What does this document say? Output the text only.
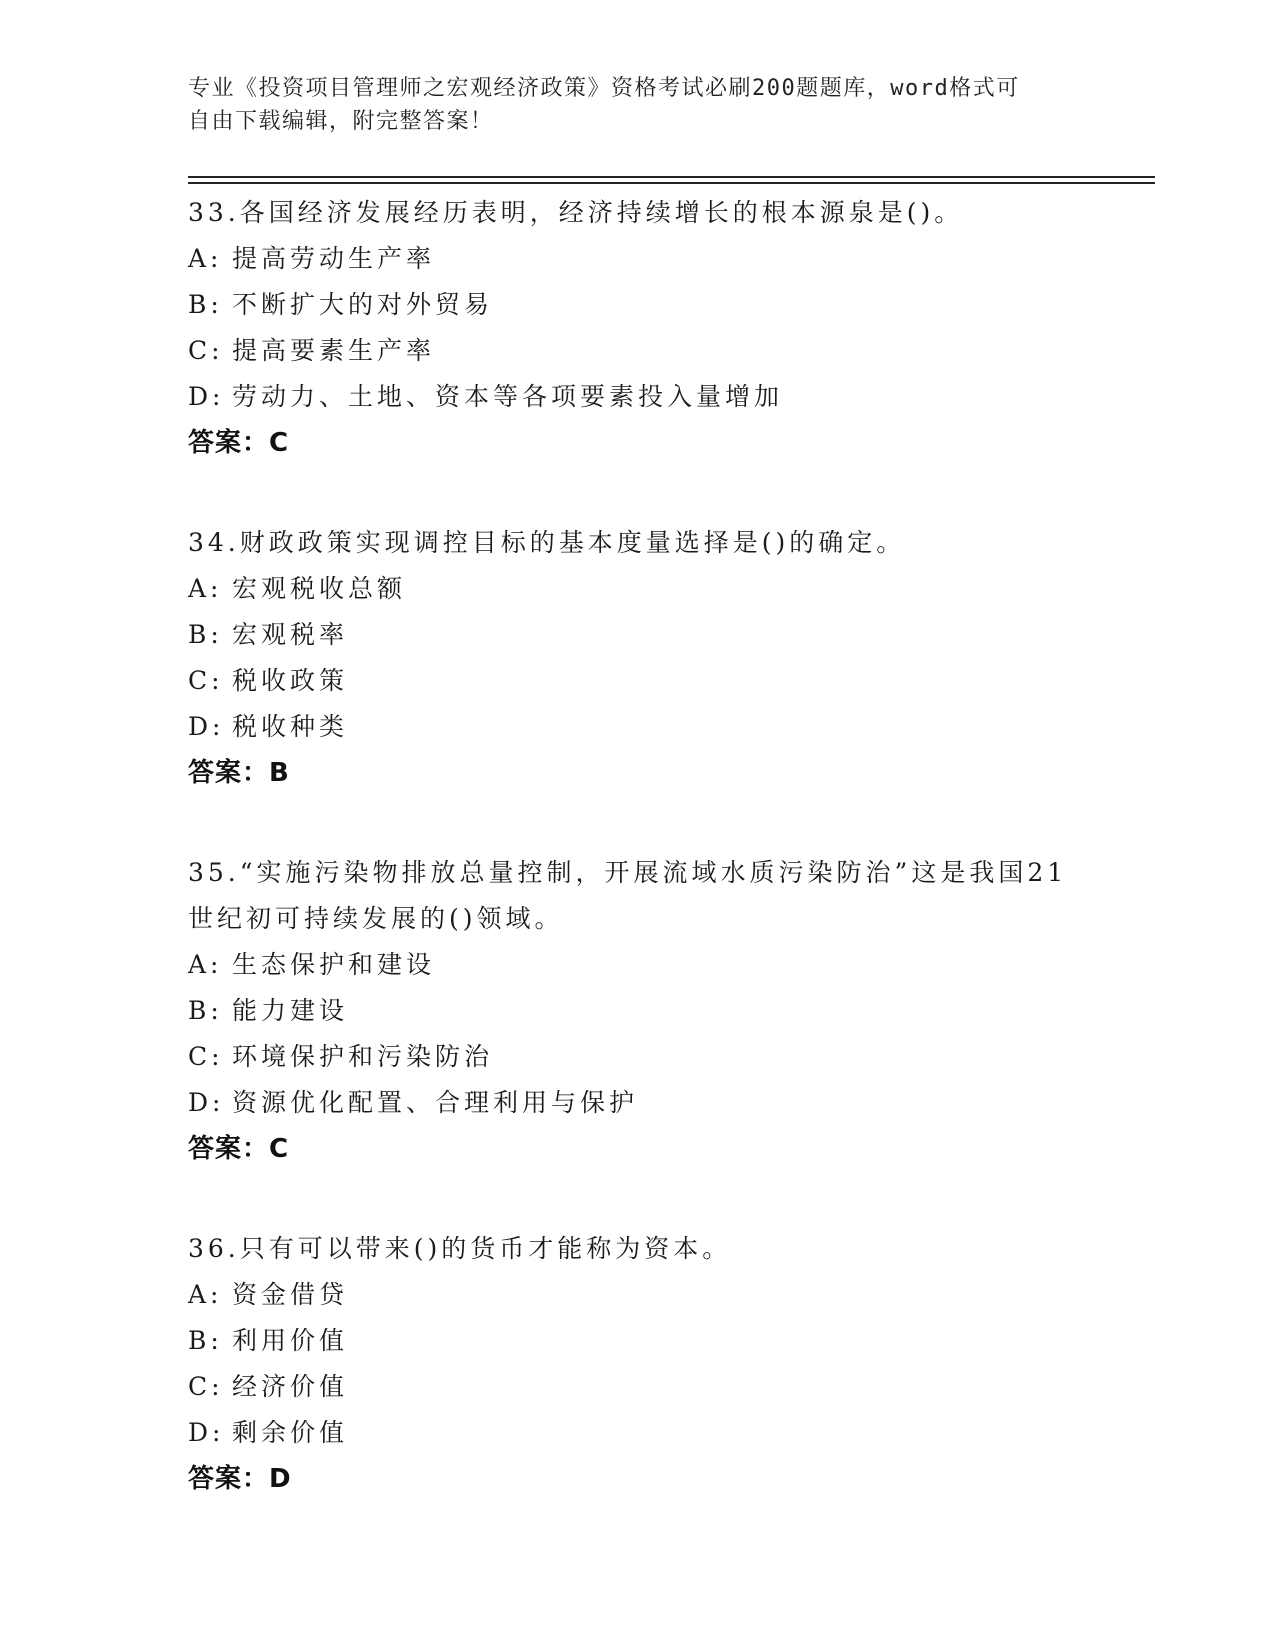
专业《投资项目管理师之宏观经济政策》资格考试必刷200题题库，word格式可
自由下载编辑，附完整答案！
33.各国经济发展经历表明，经济持续增长的根本源泉是()。
A: 提高劳动生产率
B: 不断扩大的对外贸易
C: 提高要素生产率
D: 劳动力、土地、资本等各项要素投入量增加
答案：C
34.财政政策实现调控目标的基本度量选择是()的确定。
A: 宏观税收总额
B: 宏观税率
C: 税收政策
D: 税收种类
答案：B
35.“实施污染物排放总量控制，开展流域水质污染防治”这是我国21
世纪初可持续发展的()领域。
A: 生态保护和建设
B: 能力建设
C: 环境保护和污染防治
D: 资源优化配置、合理利用与保护
答案：C
36.只有可以带来()的货币才能称为资本。
A: 资金借贷
B: 利用价值
C: 经济价值
D: 剩余价值
答案：D
